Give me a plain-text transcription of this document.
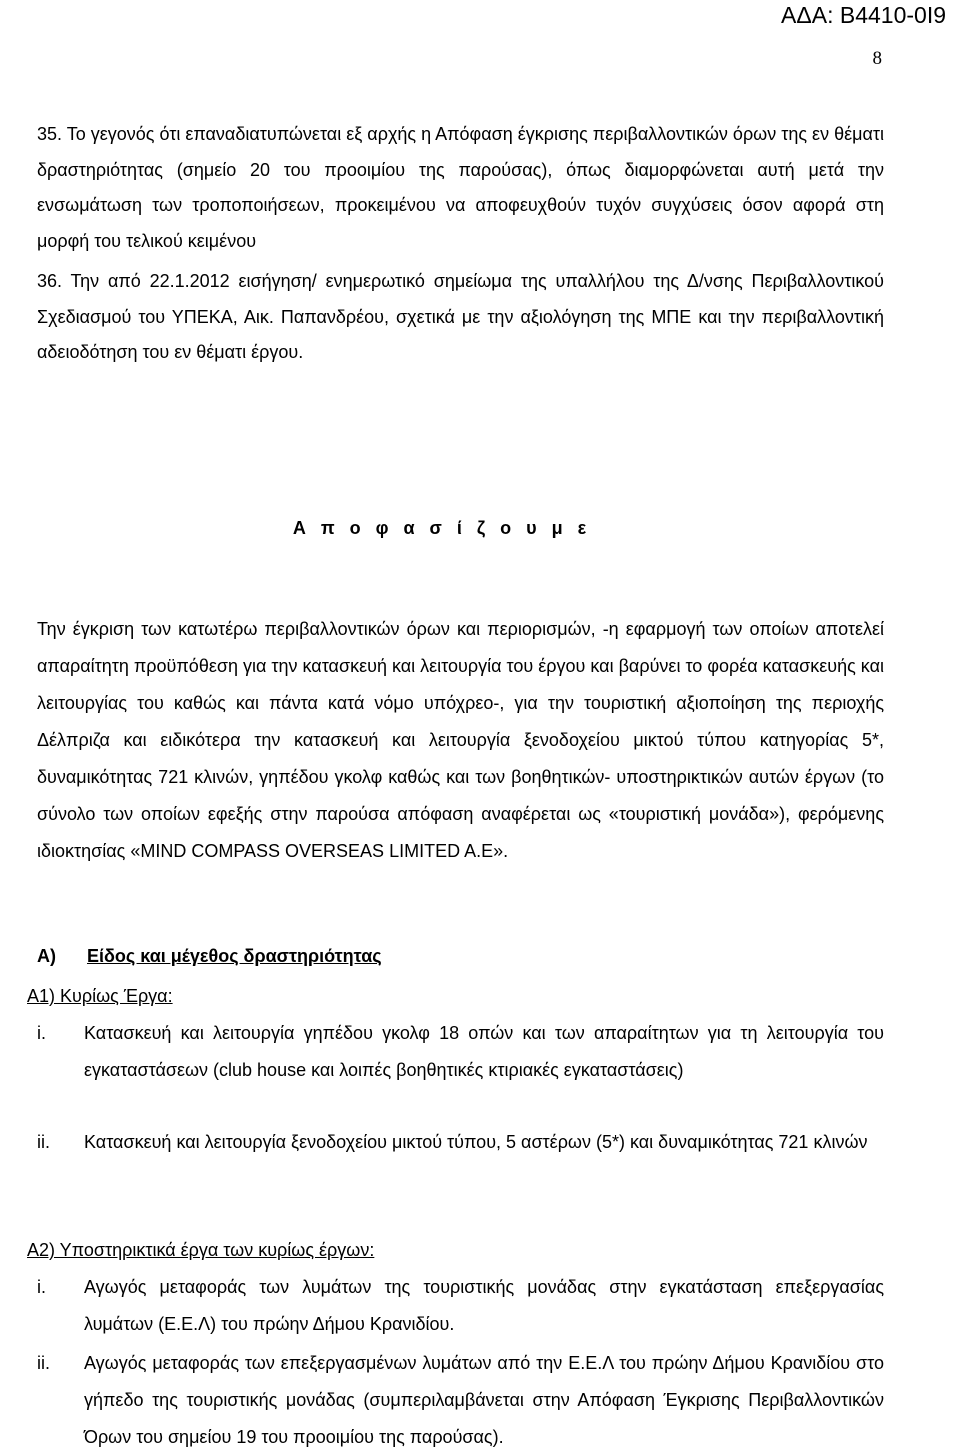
ΑΔΑ: Β4410-0Ι9
8
35. Το γεγονός ότι επαναδιατυπώνεται εξ αρχής η Απόφαση έγκρισης περιβαλλοντικών όρων της εν θέματι δραστηριότητας (σημείο 20 του προοιμίου της παρούσας), όπως διαμορφώνεται αυτή μετά την ενσωμάτωση των τροποποιήσεων, προκειμένου να αποφευχθούν τυχόν συγχύσεις όσον αφορά στη μορφή του τελικού κειμένου
36. Την από 22.1.2012 εισήγηση/ ενημερωτικό σημείωμα της υπαλλήλου της Δ/νσης Περιβαλλοντικού Σχεδιασμού του ΥΠΕΚΑ, Αικ. Παπανδρέου, σχετικά με την αξιολόγηση της ΜΠΕ και την περιβαλλοντική αδειοδότηση του εν θέματι έργου.
Α π ο φ α σ ί ζ ο υ μ ε
Την έγκριση των κατωτέρω περιβαλλοντικών όρων και περιορισμών, -η εφαρμογή των οποίων αποτελεί απαραίτητη προϋπόθεση για την κατασκευή και λειτουργία του έργου και βαρύνει το φορέα κατασκευής και λειτουργίας του καθώς και πάντα κατά νόμο υπόχρεο-, για την τουριστική αξιοποίηση της περιοχής Δέλπριζα και ειδικότερα την κατασκευή και λειτουργία ξενοδοχείου μικτού τύπου κατηγορίας 5*, δυναμικότητας 721 κλινών, γηπέδου γκολφ καθώς και των βοηθητικών- υποστηρικτικών αυτών έργων (το σύνολο των οποίων εφεξής στην παρούσα απόφαση αναφέρεται ως «τουριστική μονάδα»), φερόμενης ιδιοκτησίας «MIND COMPASS OVERSEAS LIMITED A.E».
Α) Είδος και μέγεθος δραστηριότητας
Α1) Κυρίως Έργα:
i. Κατασκευή και λειτουργία γηπέδου γκολφ 18 οπών και των απαραίτητων για τη λειτουργία του εγκαταστάσεων (club house και λοιπές βοηθητικές κτιριακές εγκαταστάσεις)
ii. Κατασκευή και λειτουργία ξενοδοχείου μικτού τύπου, 5 αστέρων (5*) και δυναμικότητας 721 κλινών
Α2) Υποστηρικτικά έργα των κυρίως έργων:
i. Αγωγός μεταφοράς των λυμάτων της τουριστικής μονάδας στην εγκατάσταση επεξεργασίας λυμάτων (Ε.Ε.Λ) του πρώην Δήμου Κρανιδίου.
ii. Αγωγός μεταφοράς των επεξεργασμένων λυμάτων από την Ε.Ε.Λ του πρώην Δήμου Κρανιδίου στο γήπεδο της τουριστικής μονάδας (συμπεριλαμβάνεται στην Απόφαση Έγκρισης Περιβαλλοντικών Όρων του σημείου 19 του προοιμίου της παρούσας).
